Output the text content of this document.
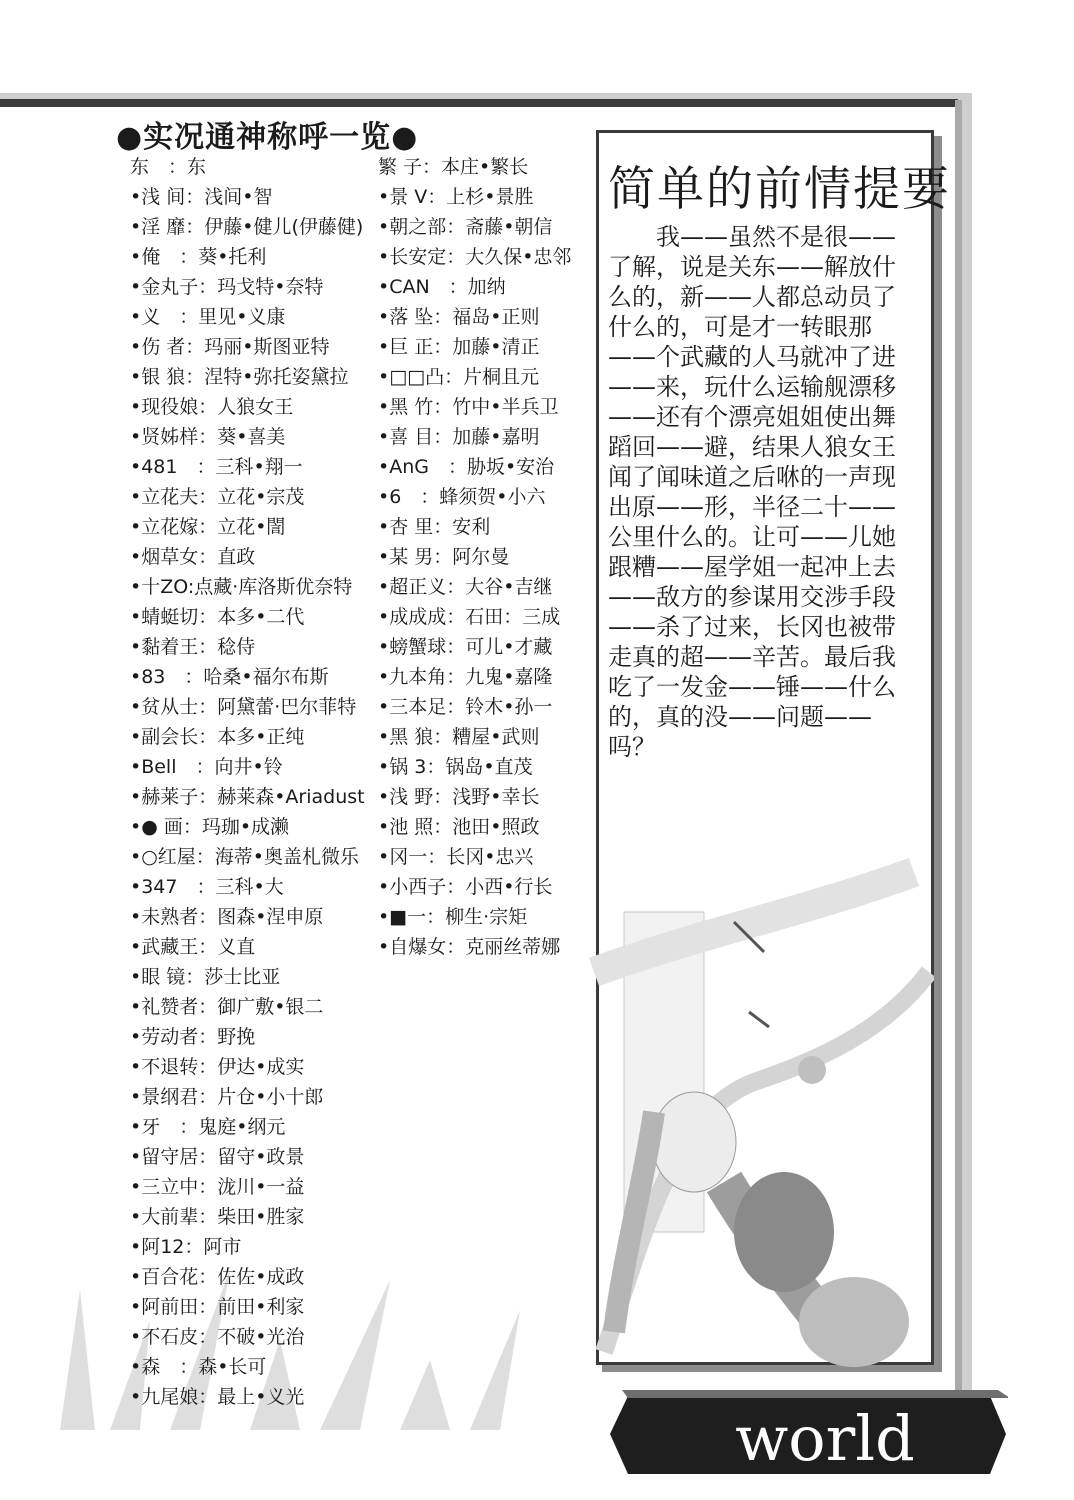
●实况通神称呼一览●
东　：东
•浅 间：浅间•智
•淫 靡：伊藤•健儿(伊藤健)
•俺　：葵•托利
•金丸子：玛戈特•奈特
•义　：里见•义康
•伤 者：玛丽•斯图亚特
•银 狼：涅特•弥托姿黛拉
•现役娘：人狼女王
•贤姊样：葵•喜美
•481　：三科•翔一
•立花夫：立花•宗茂
•立花嫁：立花•誾
•烟草女：直政
•十ZO:点藏·库洛斯优奈特
•蜻蜓切：本多•二代
•黏着王：稔侍
•83　：哈桑•福尔布斯
•贫从士：阿黛蕾·巴尔菲特
•副会长：本多•正纯
•Bell　：向井•铃
•赫莱子：赫莱森•Ariadust
•● 画：玛珈•成濑
•○红屋：海蒂•奥盖札微乐
•347　：三科•大
•未熟者：图森•涅申原
•武藏王：义直
•眼 镜：莎士比亚
•礼赞者：御广敷•银二
•劳动者：野挽
•不退转：伊达•成实
•景纲君：片仓•小十郎
•牙　：鬼庭•纲元
•留守居：留守•政景
•三立中：泷川•一益
•大前辈：柴田•胜家
•阿12：阿市
•百合花：佐佐•成政
•阿前田：前田•利家
•不石皮：不破•光治
•森　：森•长可
•九尾娘：最上•义光
繁 子：本庄•繁长
•景 V：上杉•景胜
•朝之部：斋藤•朝信
•长安定：大久保•忠邻
•CAN　：加纳
•落 坠：福岛•正则
•巨 正：加藤•清正
•□□凸：片桐且元
•黑 竹：竹中•半兵卫
•喜 目：加藤•嘉明
•AnG　：胁坂•安治
•6　：蜂须贺•小六
•杏 里：安利
•某 男：阿尔曼
•超正义：大谷•吉继
•成成成：石田：三成
•螃蟹球：可儿•才藏
•九本角：九鬼•嘉隆
•三本足：铃木•孙一
•黑 狼：糟屋•武则
•锅 3：锅岛•直茂
•浅 野：浅野•幸长
•池 照：池田•照政
•冈一：长冈•忠兴
•小西子：小西•行长
•■一：柳生·宗矩
•自爆女：克丽丝蒂娜
简单的前情提要

我——虽然不是很——了解，说是关东——解放什么的，新——人都总动员了什么的，可是才一转眼那——个武藏的人马就冲了进——来，玩什么运输舰漂移——还有个漂亮姐姐使出舞蹈回——避，结果人狼女王闻了闻味道之后咻的一声现出原——形，半径二十——公里什么的。让可——儿她跟糟——屋学姐一起冲上去——敌方的参谋用交涉手段——杀了过来，长冈也被带走真的超——辛苦。最后我吃了一发金——锤——什么的，真的没——问题——吗？

world
